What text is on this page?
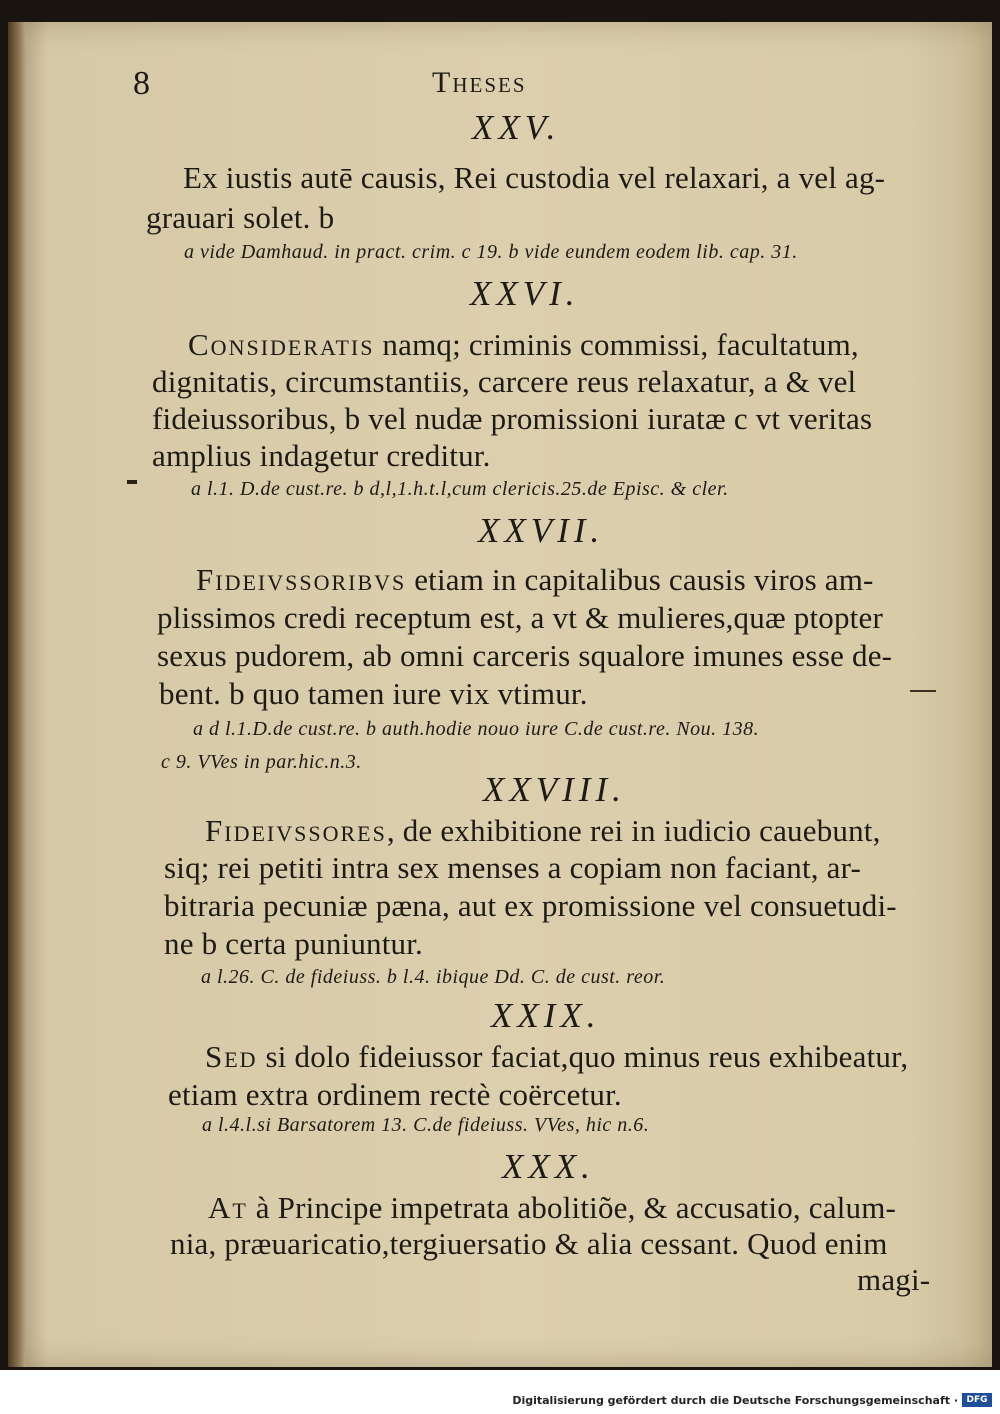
8	Theses
XXV.
Ex iustis autē causis, Rei custodia vel relaxari, a vel ag-
grauari solet. b
a vide Damhaud. in pract. crim. c 19. b vide eundem eodem lib. cap. 31.
XXVI.
Consideratis namq; criminis commissi, facultatum,
dignitatis, circumstantiis, carcere reus relaxatur, a & vel
fideiussoribus, b vel nudæ promissioni iuratæ c vt veritas
amplius indagetur creditur.
a l.1. D.de cust.re. b d,l,1.h.t.l,cum clericis.25.de Episc. & cler.
XXVII.
Fideivssoribvs etiam in capitalibus causis viros am-
plissimos credi receptum est, a vt & mulieres,quæ ptopter
sexus pudorem, ab omni carceris squalore imunes esse de-
bent. b quo tamen iure vix vtimur.
a d l.1.D.de cust.re. b auth.hodie nouo iure C.de cust.re. Nou. 138.
c 9. VVes in par.hic.n.3.
XXVIII.
Fideivssores, de exhibitione rei in iudicio cauebunt,
siq; rei petiti intra sex menses a copiam non faciant, ar-
bitraria pecuniæ pæna, aut ex promissione vel consuetudi-
ne b certa puniuntur.
a l.26. C. de fideiuss. b l.4. ibique Dd. C. de cust. reor.
XXIX.
Sed si dolo fideiussor faciat,quo minus reus exhibeatur,
etiam extra ordinem rectè coërcetur.
a l.4.l.si Barsatorem 13. C.de fideiuss. VVes, hic n.6.
XXX.
At à Principe impetrata abolitiõe, & accusatio, calum-
nia, præuaricatio,tergiuersatio & alia cessant. Quod enim
magi-
Digitalisierung gefördert durch die Deutsche Forschungsgemeinschaft · DFG
